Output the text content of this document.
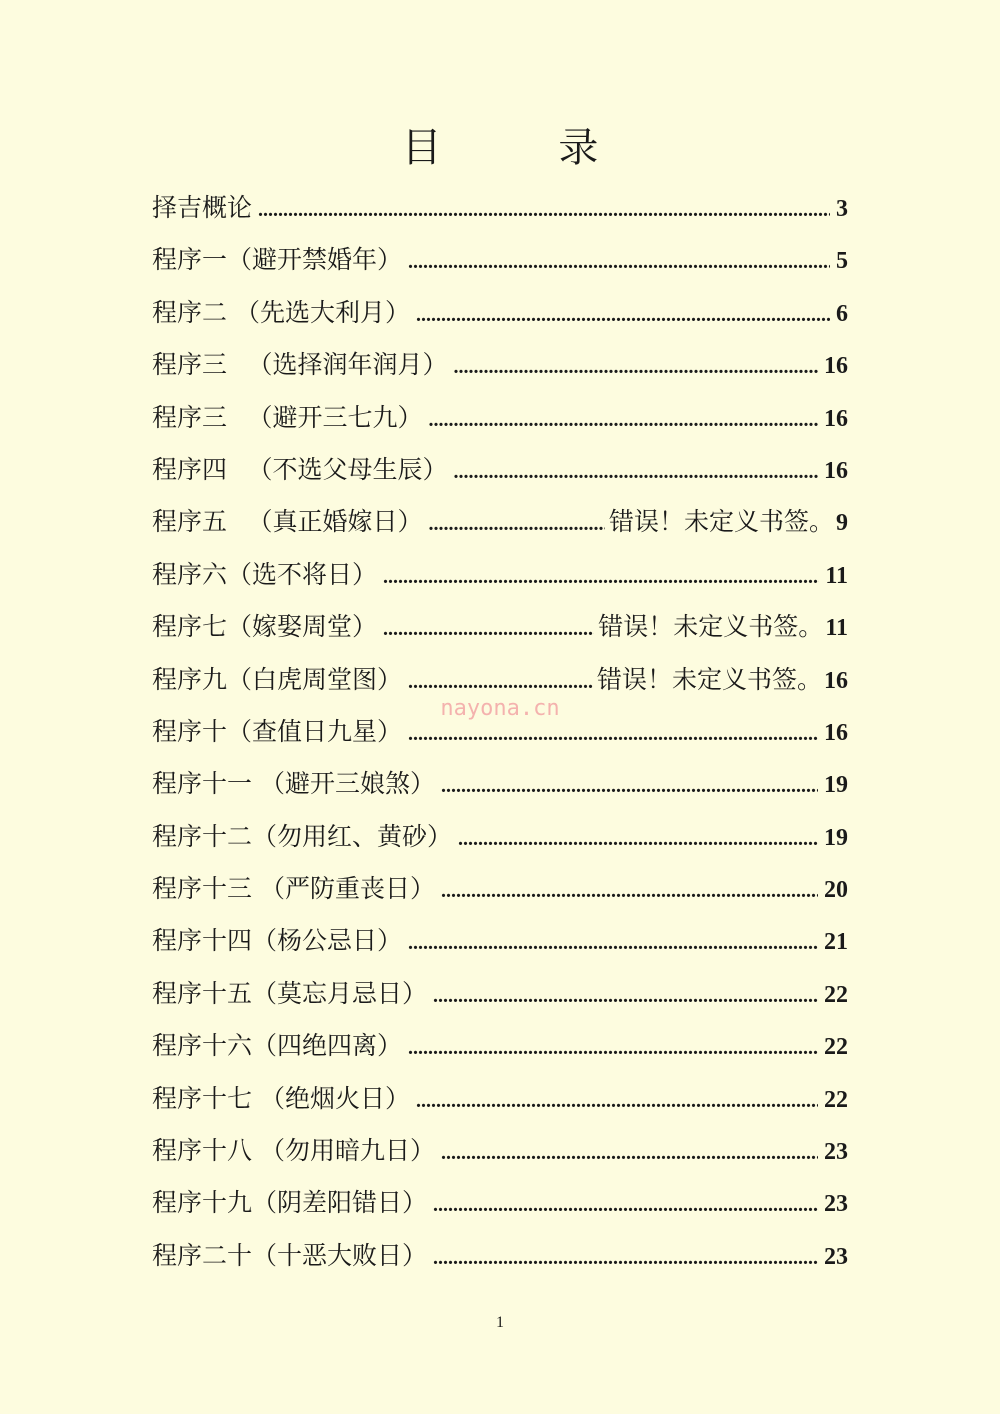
目 录
择吉概论 .....	3
程序一（避开禁婚年） .....	5
程序二 （先选大利月） .....	6
程序三 　（选择润年润月） .....	16
程序三 　（避开三七九） .....	16
程序四 　（不选父母生辰） .....	16
程序五 　（真正婚嫁日） .....	错误！未定义书签。 9
程序六（选不将日） .....	11
程序七（嫁娶周堂） .....	错误！未定义书签。 11
程序九（白虎周堂图） .....	错误！未定义书签。 16
程序十（查值日九星） .....	16
程序十一 （避开三娘煞） .....	19
程序十二（勿用红、黄砂） .....	19
程序十三 （严防重丧日） .....	20
程序十四（杨公忌日） .....	21
程序十五（莫忘月忌日） .....	22
程序十六（四绝四离） .....	22
程序十七 （绝烟火日） .....	22
程序十八 （勿用暗九日） .....	23
程序十九（阴差阳错日） .....	23
程序二十（十恶大败日） .....	23
nayona.cn
1
